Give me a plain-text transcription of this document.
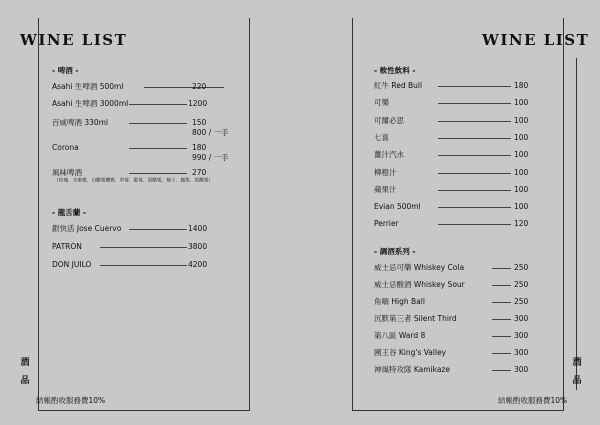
WINE LIST
- 啤酒 -
Asahi 生啤酒 500ml	220
Asahi 生啤酒 3000ml	1200
百威啤酒 330ml	150
800 / 一手
Corona	180
990 / 一手
風味啤酒	270
（玫瑰．水蜜桃．白醋栗櫻桃．草莓．藍莓．黑醋栗．柚子．鳳梨．黑醋栗）
- 龍舌蘭 -
銀快活 Jose Cuervo	1400
PATRON	3800
DON JUILO	4200
酒
品
結帳酌收服務費10%
WINE LIST
- 軟性飲料 -
紅牛 Red Bull	180
可樂	100
可爾必思	100
七喜	100
薑汁汽水	100
柳橙汁	100
蘋果汁	100
Evian 500ml	100
Perrier	120
- 調酒系列 -
威士忌可樂 Whiskey Cola	250
威士忌酸酒 Whiskey Sour	250
角嗨 High Ball	250
沉默第三者 Silent Third	300
第八區 Ward 8	300
國王谷 King's Valley	300
神風特攻隊 Kamikaze	300
酒
品
結帳酌收服務費10%
